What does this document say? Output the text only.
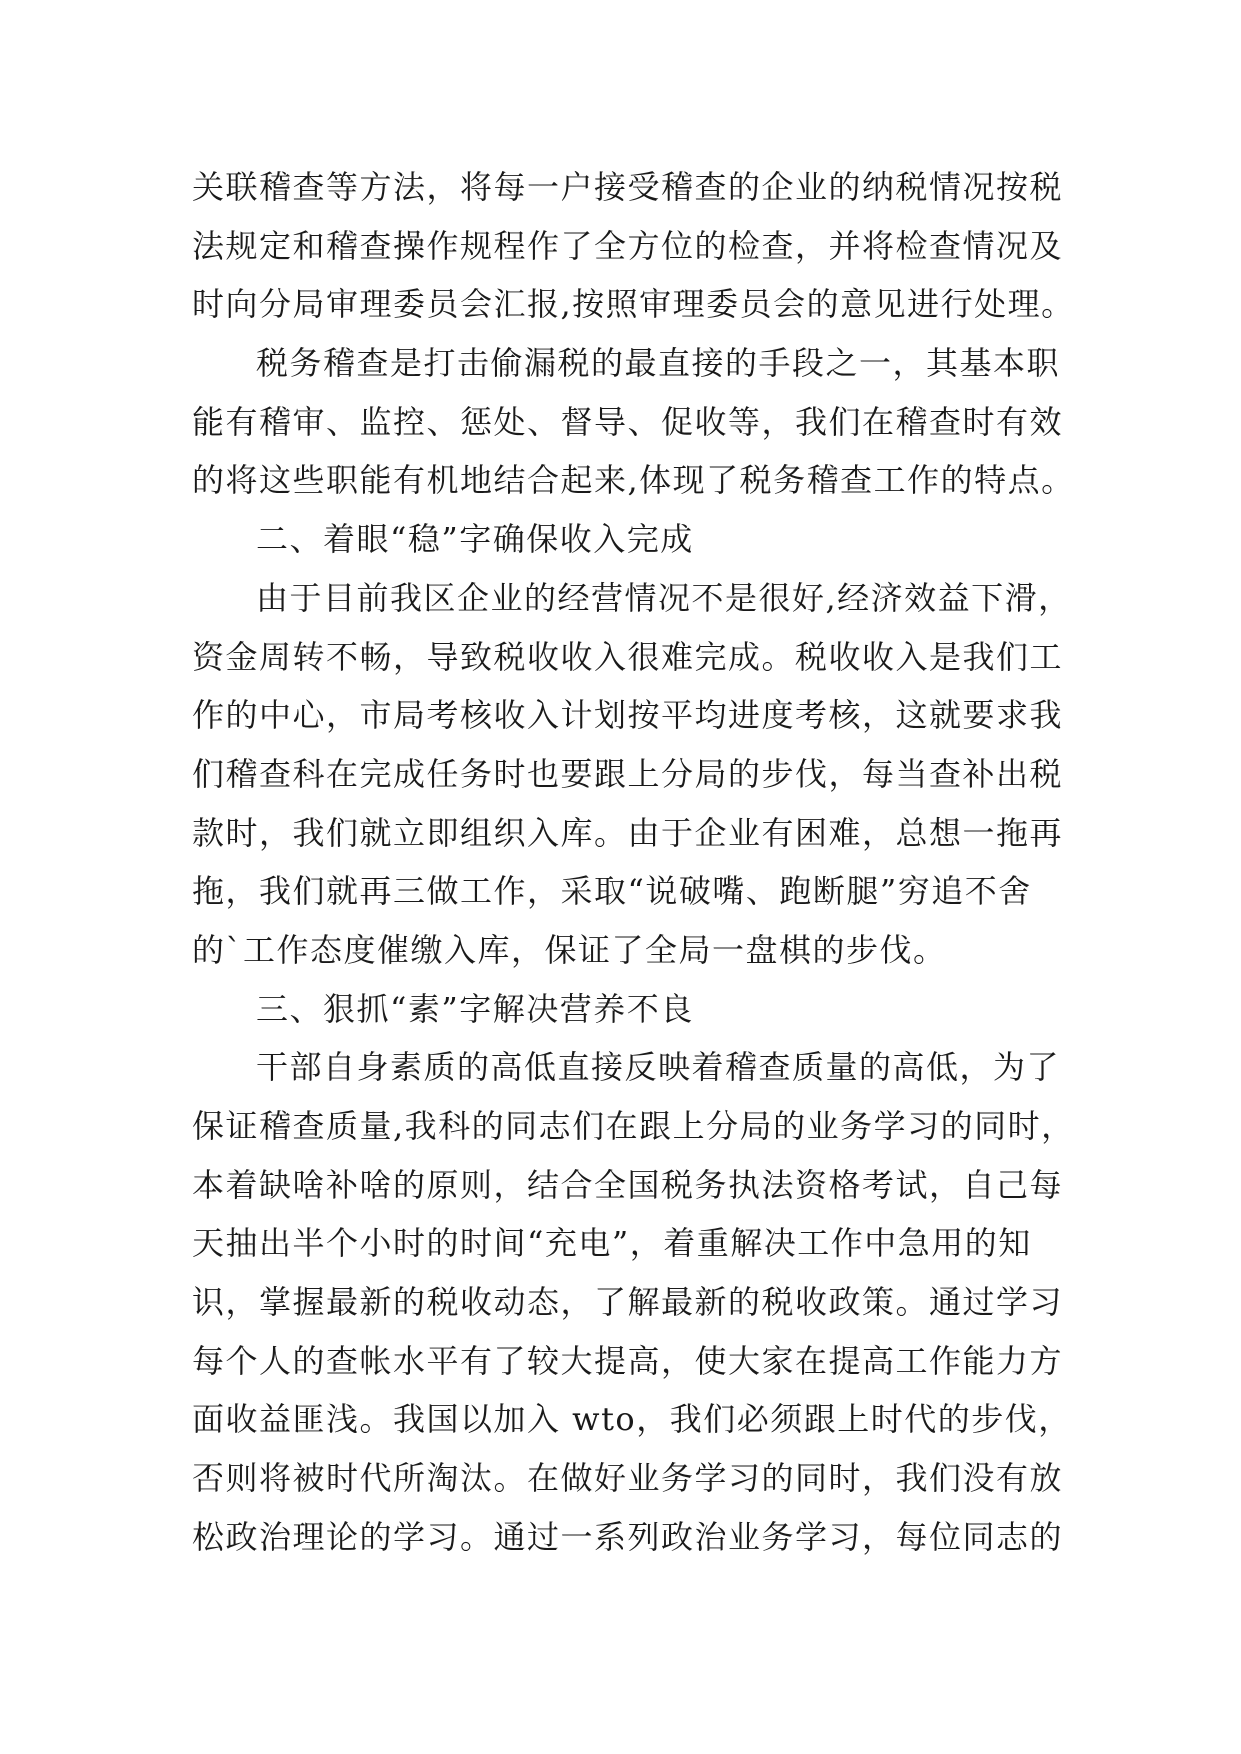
关联稽查等方法，将每一户接受稽查的企业的纳税情况按税
法规定和稽查操作规程作了全方位的检查，并将检查情况及
时向分局审理委员会汇报,按照审理委员会的意见进行处理。
税务稽查是打击偷漏税的最直接的手段之一，其基本职
能有稽审、监控、惩处、督导、促收等，我们在稽查时有效
的将这些职能有机地结合起来,体现了税务稽查工作的特点。
二、着眼“稳”字确保收入完成
由于目前我区企业的经营情况不是很好,经济效益下滑，
资金周转不畅，导致税收收入很难完成。税收收入是我们工
作的中心，市局考核收入计划按平均进度考核，这就要求我
们稽查科在完成任务时也要跟上分局的步伐，每当查补出税
款时，我们就立即组织入库。由于企业有困难，总想一拖再
拖，我们就再三做工作，采取“说破嘴、跑断腿”穷追不舍
的`工作态度催缴入库，保证了全局一盘棋的步伐。
三、狠抓“素”字解决营养不良
干部自身素质的高低直接反映着稽查质量的高低，为了
保证稽查质量,我科的同志们在跟上分局的业务学习的同时，
本着缺啥补啥的原则，结合全国税务执法资格考试，自己每
天抽出半个小时的时间“充电”，着重解决工作中急用的知
识，掌握最新的税收动态，了解最新的税收政策。通过学习
每个人的查帐水平有了较大提高，使大家在提高工作能力方
面收益匪浅。我国以加入 wto，我们必须跟上时代的步伐，
否则将被时代所淘汰。在做好业务学习的同时，我们没有放
松政治理论的学习。通过一系列政治业务学习，每位同志的
